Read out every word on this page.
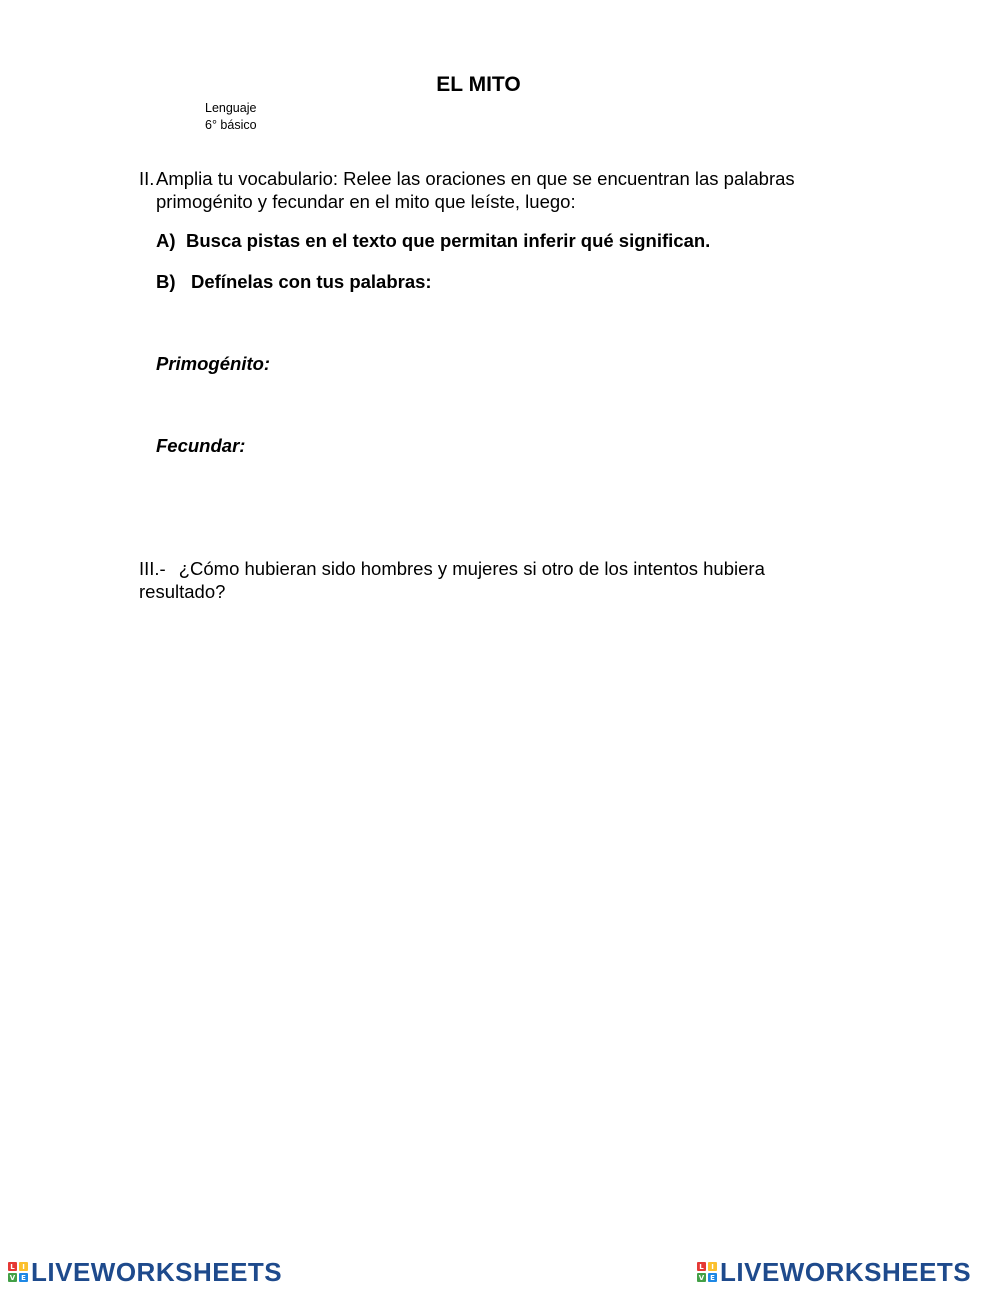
EL MITO
Lenguaje
6° básico
II. Amplia tu vocabulario: Relee las oraciones en que se encuentran las palabras primogénito y fecundar en el mito que leíste, luego:
A) Busca pistas en el texto que permitan inferir qué significan.
B) Defínelas con tus palabras:
Primogénito:
Fecundar:
III.- ¿Cómo hubieran sido hombres y mujeres si otro de los intentos hubiera resultado?
L	I
V E LIVEWORKSHEETS	L	I
V E LIVEWORKSHEETS
